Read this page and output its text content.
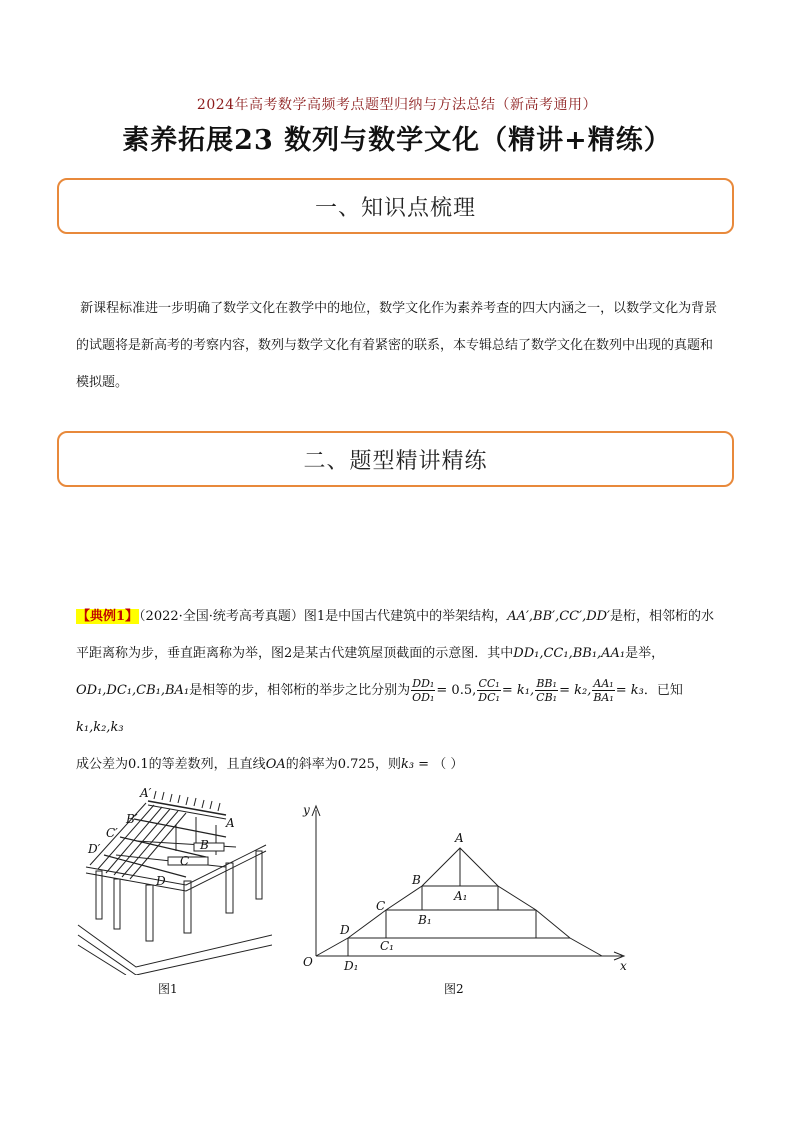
2024年高考数学高频考点题型归纳与方法总结（新高考通用）
素养拓展23 数列与数学文化（精讲+精练）
一、知识点梳理
新课程标准进一步明确了数学文化在教学中的地位，数学文化作为素养考查的四大内涵之一，以数学文化为背景的试题将是新高考的考察内容，数列与数学文化有着紧密的联系，本专辑总结了数学文化在数列中出现的真题和模拟题。
二、题型精讲精练
【典例1】（2022·全国·统考高考真题）图1是中国古代建筑中的举架结构，AA′,BB′,CC′,DD′是桁，相邻桁的水平距离称为步，垂直距离称为举，图2是某古代建筑屋顶截面的示意图．其中DD₁,CC₁,BB₁,AA₁是举，OD₁,DC₁,CB₁,BA₁是相等的步，相邻桁的举步之比分别为 $\frac{\text{DD₁}}{\text{OD₁}} = 0.5$, $\frac{\text{CC₁}}{\text{DC₁}} = k_1$, $\frac{\text{BB₁}}{\text{CB₁}} = k_2$, $\frac{\text{AA₁}}{\text{BA₁}} = k_3$．已知k₁,k₂,k₃
成公差为0.1的等差数列，且直线OA的斜率为0.725，则k₃ = （ ）
A′
A
B′
B
C′
C
D′
D
y
x
O
A
A₁
B
B₁
C
C₁
D
D₁
图1	图2
